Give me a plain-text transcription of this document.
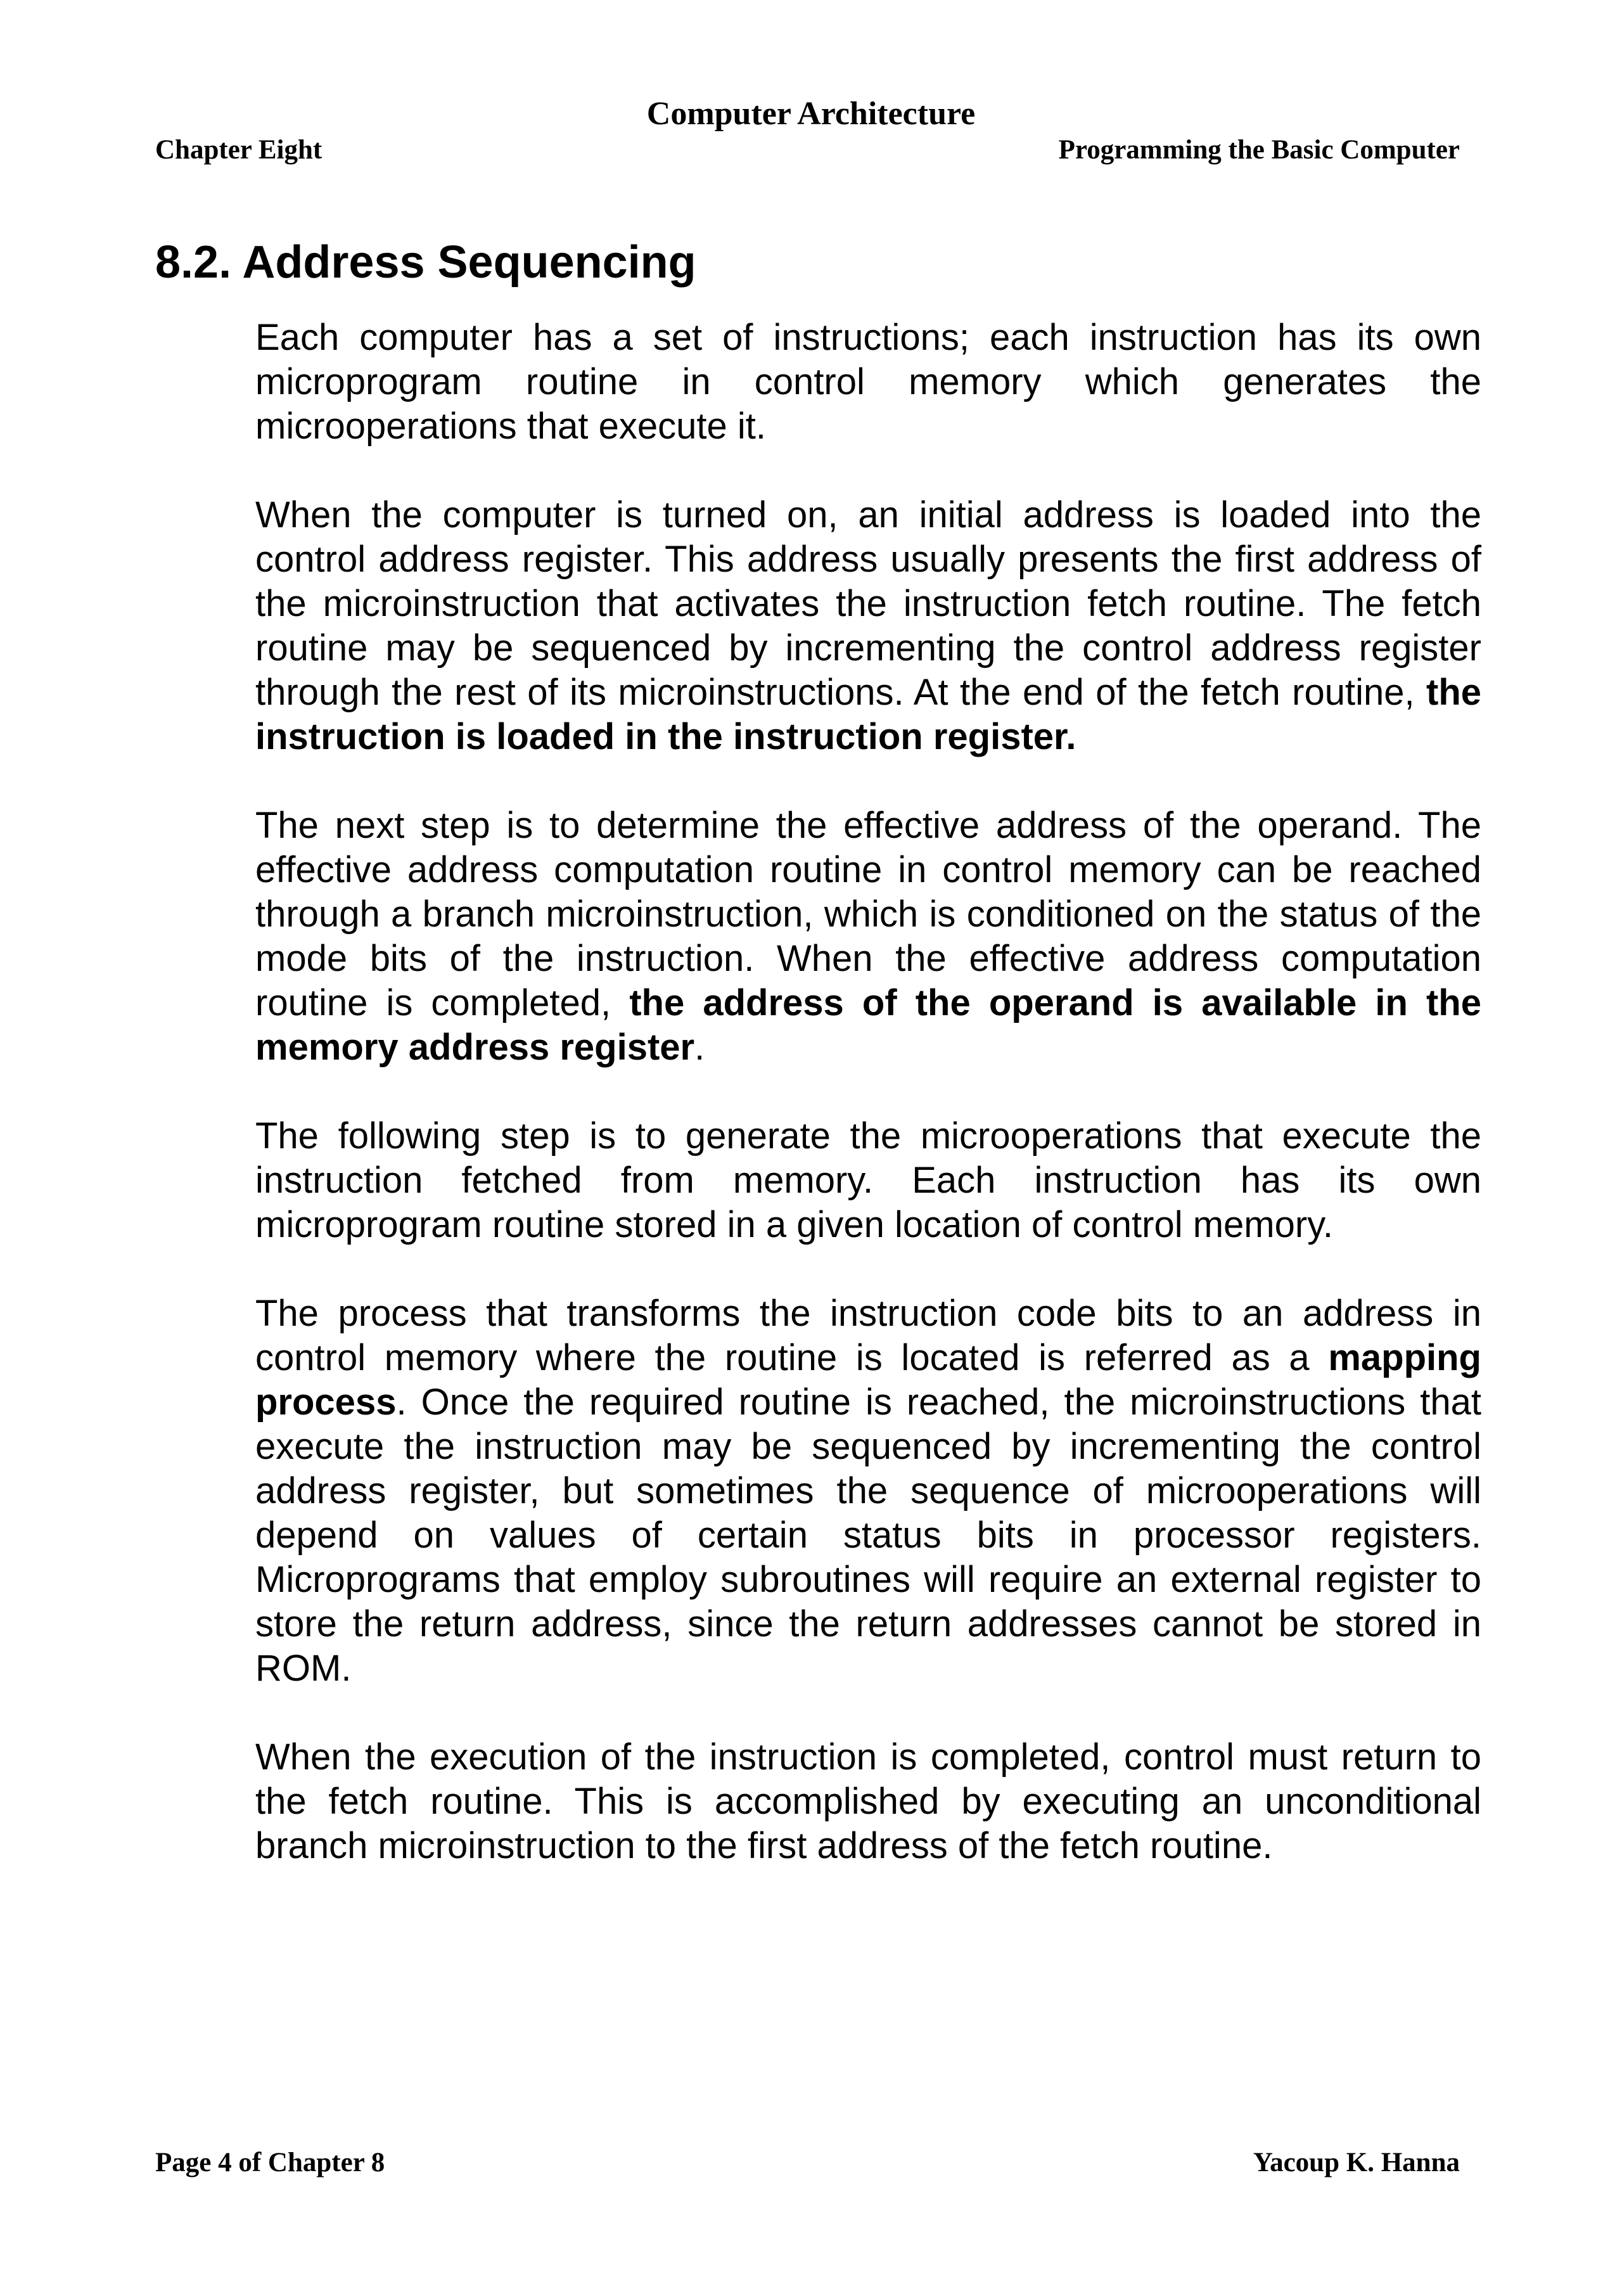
Computer Architecture
Chapter Eight	Programming the Basic Computer
8.2. Address Sequencing

Each computer has a set of instructions; each instruction has its own microprogram routine in control memory which generates the microoperations that execute it.

When the computer is turned on, an initial address is loaded into the control address register. This address usually presents the first address of the microinstruction that activates the instruction fetch routine. The fetch routine may be sequenced by incrementing the control address register through the rest of its microinstructions. At the end of the fetch routine, the instruction is loaded in the instruction register.

The next step is to determine the effective address of the operand. The effective address computation routine in control memory can be reached through a branch microinstruction, which is conditioned on the status of the mode bits of the instruction. When the effective address computation routine is completed, the address of the operand is available in the memory address register.

The following step is to generate the microoperations that execute the instruction fetched from memory. Each instruction has its own microprogram routine stored in a given location of control memory.

The process that transforms the instruction code bits to an address in control memory where the routine is located is referred as a mapping process. Once the required routine is reached, the microinstructions that execute the instruction may be sequenced by incrementing the control address register, but sometimes the sequence of microoperations will depend on values of certain status bits in processor registers. Microprograms that employ subroutines will require an external register to store the return address, since the return addresses cannot be stored in ROM.

When the execution of the instruction is completed, control must return to the fetch routine. This is accomplished by executing an unconditional branch microinstruction to the first address of the fetch routine.

Page 4 of Chapter 8	Yacoup K. Hanna
